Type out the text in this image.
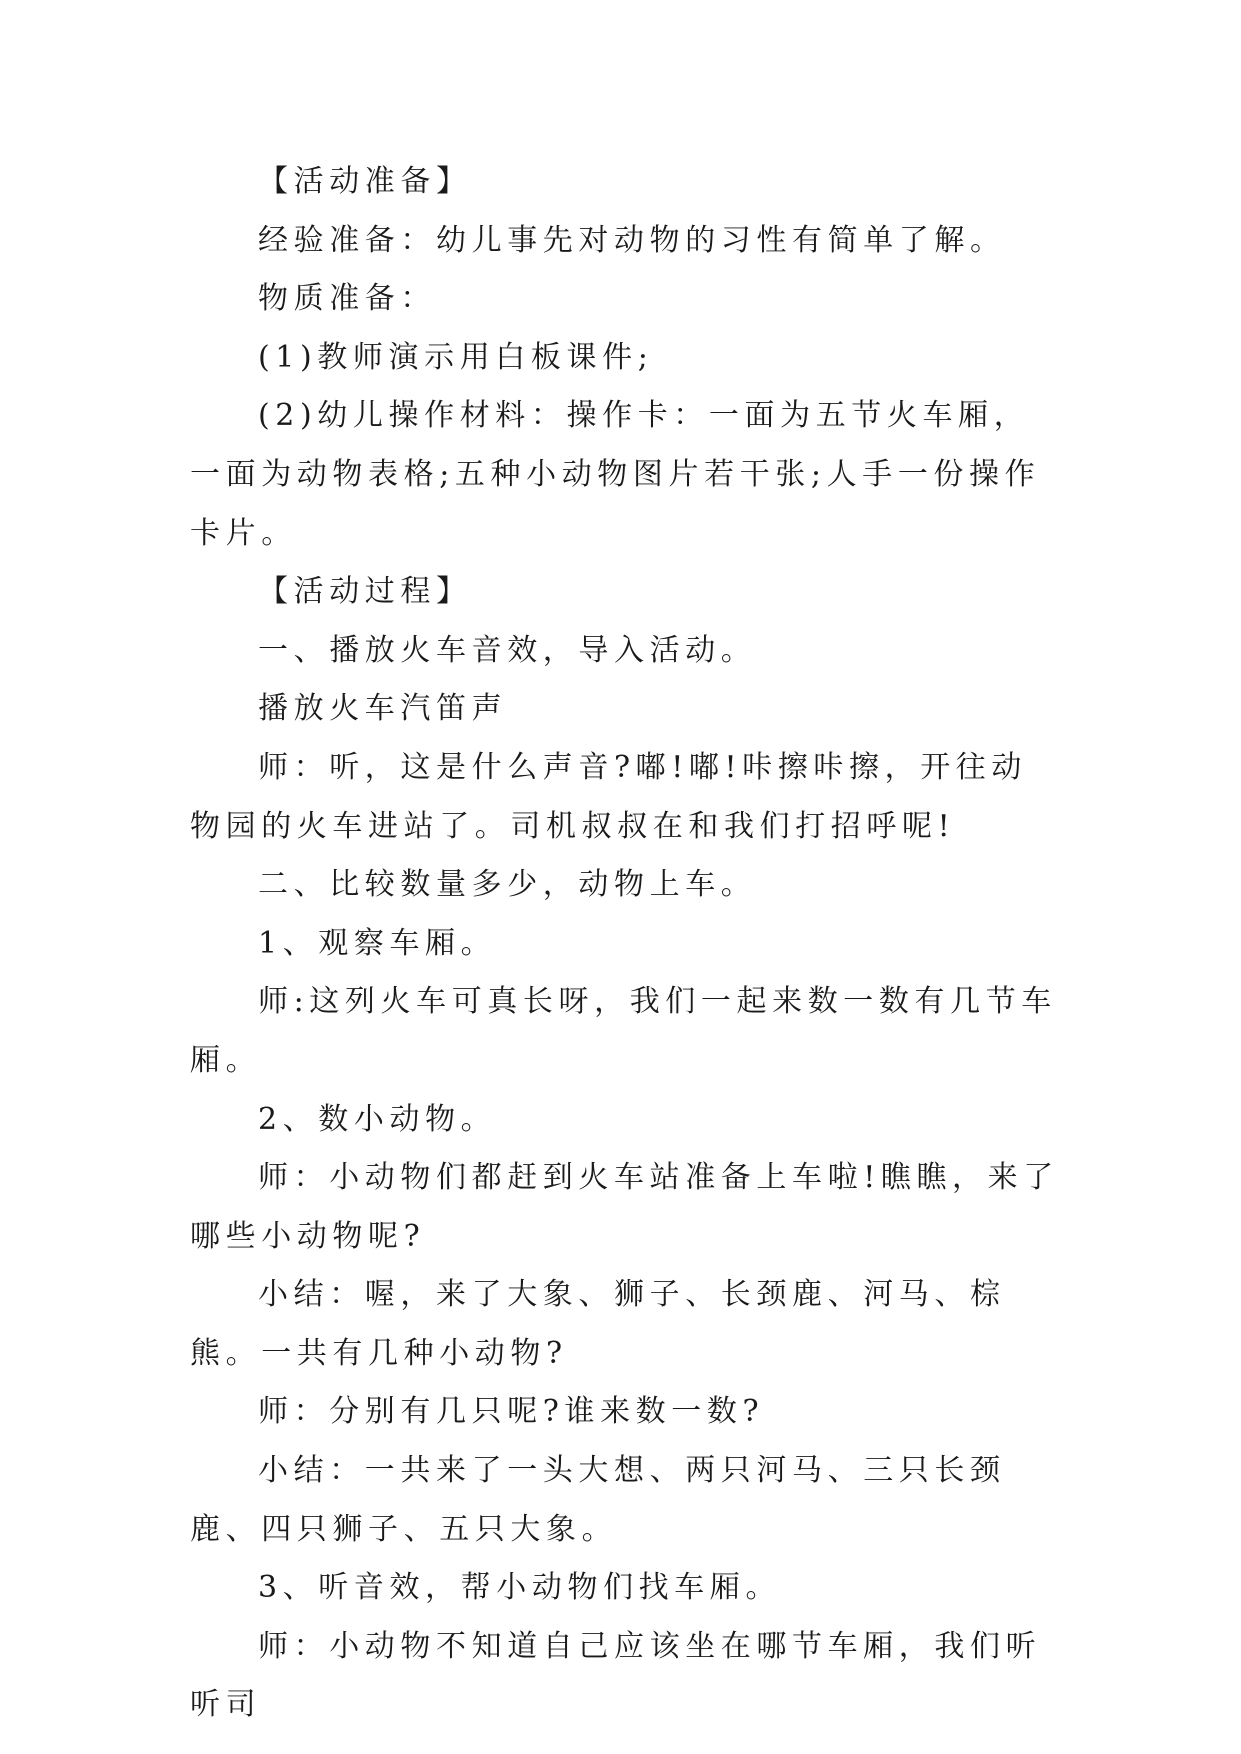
【活动准备】

经验准备：幼儿事先对动物的习性有简单了解。

物质准备：

(1)教师演示用白板课件;

(2)幼儿操作材料：操作卡：一面为五节火车厢，一面为动物表格;五种小动物图片若干张;人手一份操作卡片。

【活动过程】

一、播放火车音效，导入活动。

播放火车汽笛声

师：听，这是什么声音?嘟!嘟!咔擦咔擦，开往动物园的火车进站了。司机叔叔在和我们打招呼呢!

二、比较数量多少，动物上车。

1、观察车厢。

师:这列火车可真长呀，我们一起来数一数有几节车厢。

2、数小动物。

师：小动物们都赶到火车站准备上车啦!瞧瞧，来了哪些小动物呢?

小结：喔，来了大象、狮子、长颈鹿、河马、棕熊。一共有几种小动物?

师：分别有几只呢?谁来数一数?

小结：一共来了一头大想、两只河马、三只长颈鹿、四只狮子、五只大象。

3、听音效，帮小动物们找车厢。

师：小动物不知道自己应该坐在哪节车厢，我们听听司
